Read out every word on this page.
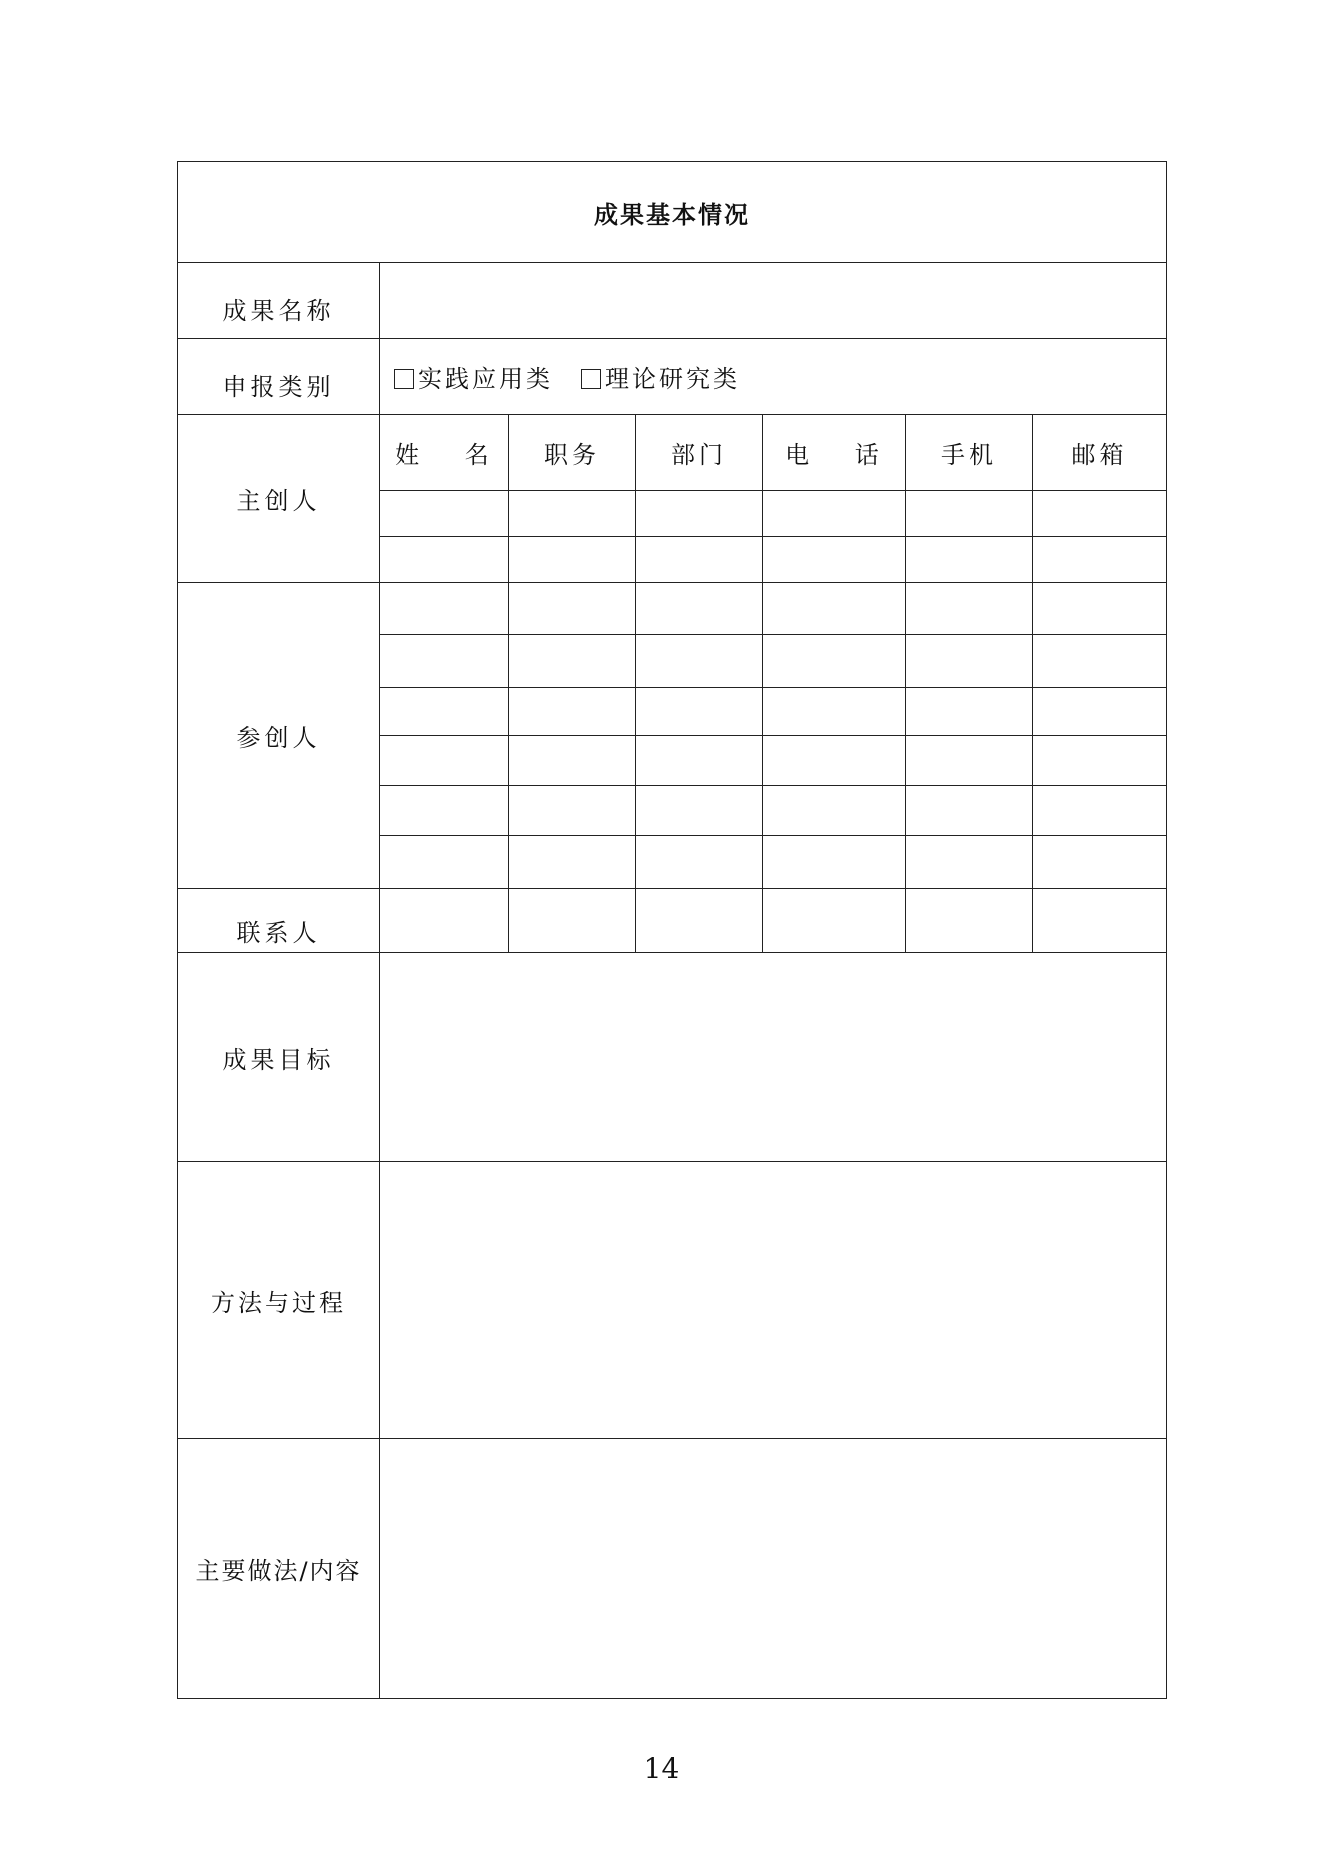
成果基本情况						
成果名称						
申报类别	实践应用类 理论研究类					
主创人	姓 名	职务	部门	电 话	手机	邮箱

参创人						

联系人						
成果目标						
方法与过程						
主要做法/内容						
14
